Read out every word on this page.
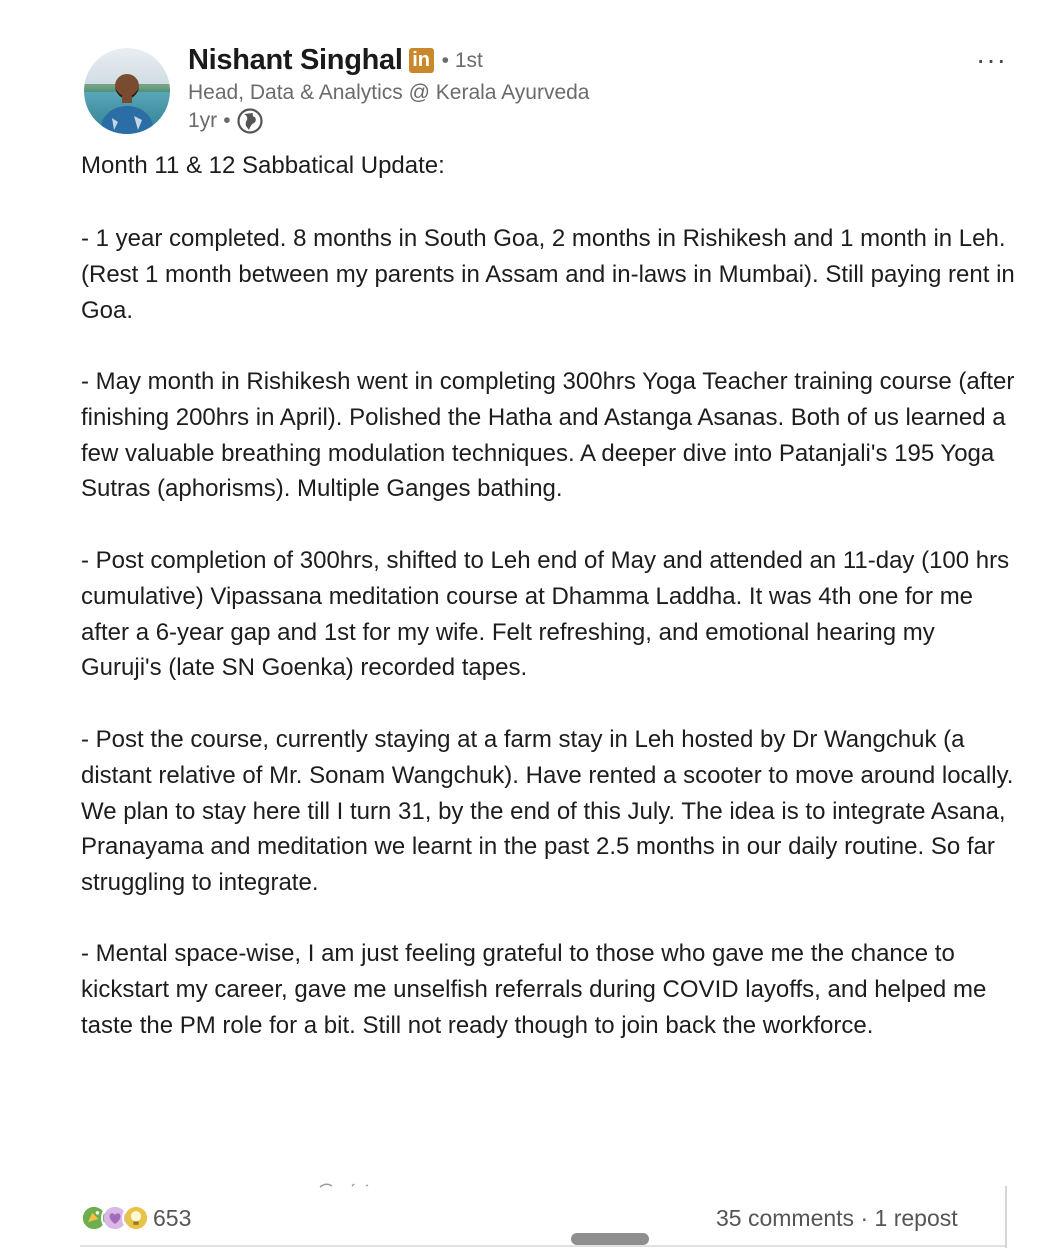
Nishant Singhal in • 1st
Head, Data & Analytics @ Kerala Ayurveda
1yr •
···
Month 11 & 12 Sabbatical Update:

- 1 year completed. 8 months in South Goa, 2 months in Rishikesh and 1 month in Leh. (Rest 1 month between my parents in Assam and in-laws in Mumbai). Still paying rent in Goa.

- May month in Rishikesh went in completing 300hrs Yoga Teacher training course (after finishing 200hrs in April). Polished the Hatha and Astanga Asanas. Both of us learned a few valuable breathing modulation techniques. A deeper dive into Patanjali's 195 Yoga Sutras (aphorisms). Multiple Ganges bathing.

- Post completion of 300hrs, shifted to Leh end of May and attended an 11-day (100 hrs cumulative) Vipassana meditation course at Dhamma Laddha. It was 4th one for me after a 6-year gap and 1st for my wife. Felt refreshing, and emotional hearing my Guruji's (late SN Goenka) recorded tapes.

- Post the course, currently staying at a farm stay in Leh hosted by Dr Wangchuk (a distant relative of Mr. Sonam Wangchuk). Have rented a scooter to move around locally. We plan to stay here till I turn 31, by the end of this July. The idea is to integrate Asana, Pranayama and meditation we learnt in the past 2.5 months in our daily routine. So far struggling to integrate.

- Mental space-wise, I am just feeling grateful to those who gave me the chance to kickstart my career, gave me unselfish referrals during COVID layoffs, and helped me taste the PM role for a bit. Still not ready though to join back the workforce.

653	35 comments · 1 repost
